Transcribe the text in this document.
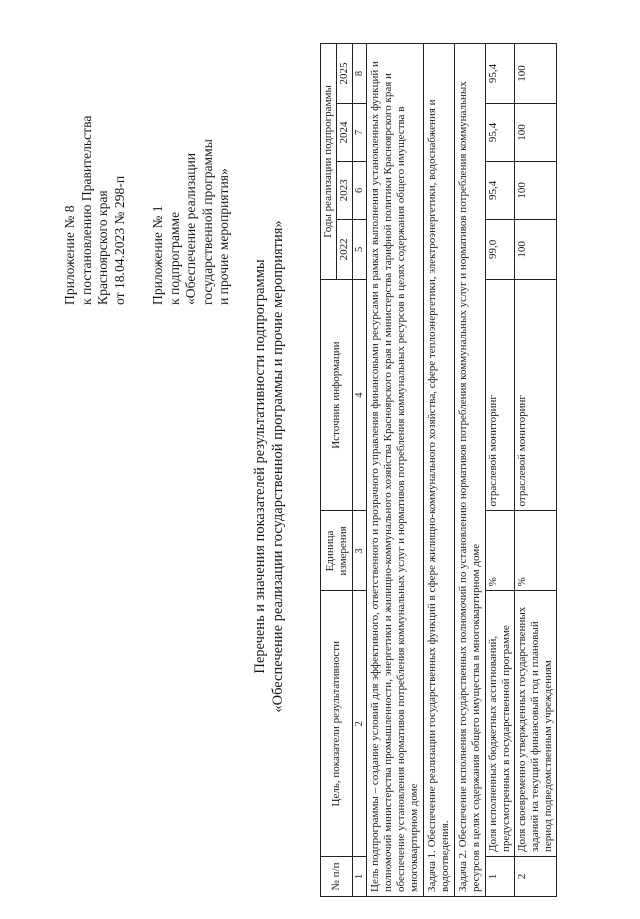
Приложение № 8 к постановлению Правительства Красноярского края от 18.04.2023 № 298-п Приложение № 1 к подпрограмме «Обеспечение реализации государственной программы и прочие мероприятия»
Перечень и значения показателей результативности подпрограммы «Обеспечение реализации государственной программы и прочие мероприятия»
№ п/п	Цель, показатели результативности	Единица измерения	Источник информации	Годы реализации подпрограммы			
				2022	2023	2024	2025
1	2	3	4	5	6	7	8
Цель подпрограммы – создание условий для эффективного, ответственного и прозрачного управления финансовыми ресурсами в рамках выполнения установленных функций и полномочий министерства промышленности, энергетики и жилищно-коммунального хозяйства Красноярского края и министерства тарифной политики Красноярского края и обеспечение установления нормативов потребления коммунальных услуг и нормативов потребления коммунальных ресурсов в целях содержания общего имущества в многоквартирном доме							
Задача 1. Обеспечение реализации государственных функций в сфере жилищно-коммунального хозяйства, сфере теплоэнергетики, электроэнергетики, водоснабжения и водоотведения.							
Задача 2. Обеспечение исполнения государственных полномочий по установлению нормативов потребления коммунальных услуг и нормативов потребления коммунальных ресурсов в целях содержания общего имущества в многоквартирном доме							
1	Доля исполненных бюджетных ассигнований, предусмотренных в государственной программе	%	отраслевой мониторинг	99,0	95,4	95,4	95,4
2	Доля своевременно утвержденных государственных заданий на текущий финансовый год и плановый период подведомственным учреждениям	%	отраслевой мониторинг	100	100	100	100
